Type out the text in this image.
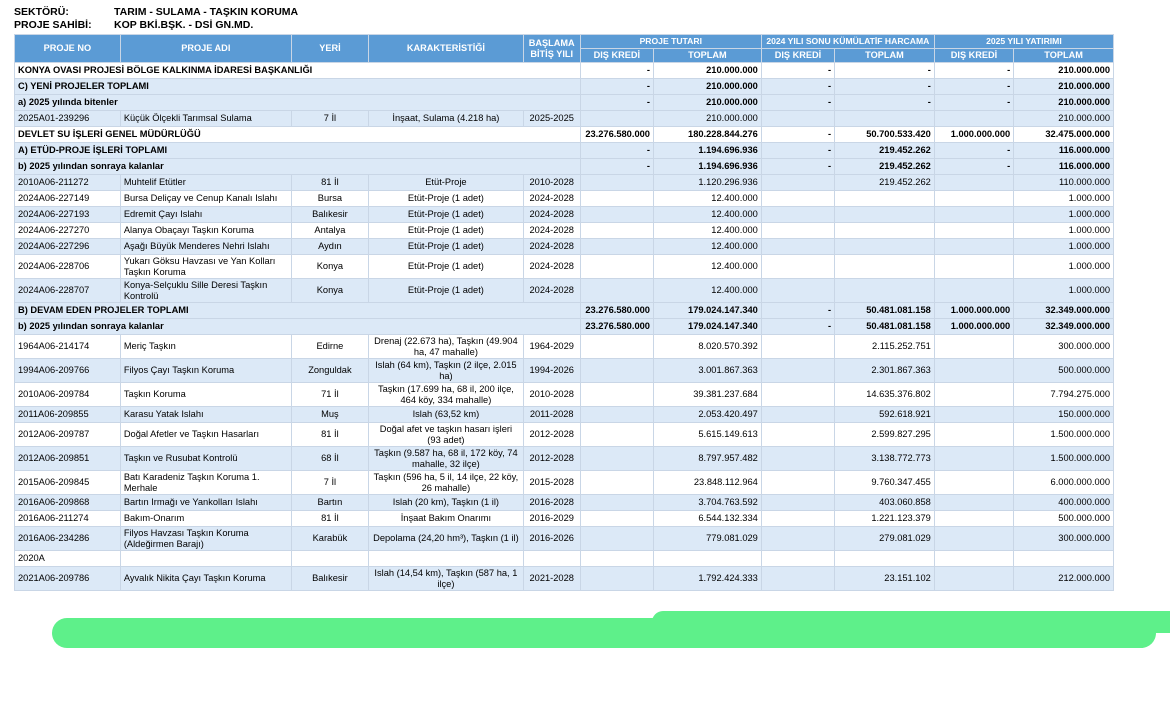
SEKTÖRÜ:	TARIM - SULAMA - TAŞKIN KORUMA
PROJE SAHİBİ:	KOP BKİ.BŞK. - DSİ GN.MD.
PROJE NO	PROJE ADI	YERİ	KARAKTERİSTİĞİ	BAŞLAMA BİTİŞ YILI	PROJE TUTARI		2024 YILI SONU KÜMÜLATİF HARCAMA		2025 YILI YATIRIMI	
					DIŞ KREDİ	TOPLAM	DIŞ KREDİ	TOPLAM	DIŞ KREDİ	TOPLAM
KONYA OVASI PROJESİ BÖLGE KALKINMA İDARESİ BAŞKANLIĞI					-	210.000.000	-	-	-	210.000.000
C) YENİ PROJELER TOPLAMI					-	210.000.000	-	-	-	210.000.000
a) 2025 yılında bitenler					-	210.000.000	-	-	-	210.000.000
2025A01-239296	Küçük Ölçekli Tarımsal Sulama	7 İl	İnşaat, Sulama (4.218 ha)	2025-2025		210.000.000				210.000.000
DEVLET SU İŞLERİ GENEL MÜDÜRLÜĞÜ					23.276.580.000	180.228.844.276	-	50.700.533.420	1.000.000.000	32.475.000.000
A) ETÜD-PROJE İŞLERİ TOPLAMI					-	1.194.696.936	-	219.452.262	-	116.000.000
b) 2025 yılından sonraya kalanlar					-	1.194.696.936	-	219.452.262	-	116.000.000
2010A06-211272	Muhtelif Etütler	81 İl	Etüt-Proje	2010-2028		1.120.296.936		219.452.262		110.000.000
2024A06-227149	Bursa Deliçay ve Cenup Kanalı Islahı	Bursa	Etüt-Proje (1 adet)	2024-2028		12.400.000				1.000.000
2024A06-227193	Edremit Çayı Islahı	Balıkesir	Etüt-Proje (1 adet)	2024-2028		12.400.000				1.000.000
2024A06-227270	Alanya Obaçayı Taşkın Koruma	Antalya	Etüt-Proje (1 adet)	2024-2028		12.400.000				1.000.000
2024A06-227296	Aşağı Büyük Menderes Nehri Islahı	Aydın	Etüt-Proje (1 adet)	2024-2028		12.400.000				1.000.000
2024A06-228706	Yukarı Göksu Havzası ve Yan Kolları Taşkın Koruma	Konya	Etüt-Proje (1 adet)	2024-2028		12.400.000				1.000.000
2024A06-228707	Konya-Selçuklu Sille Deresi Taşkın Kontrolü	Konya	Etüt-Proje (1 adet)	2024-2028		12.400.000				1.000.000
B) DEVAM EDEN PROJELER TOPLAMI					23.276.580.000	179.024.147.340	-	50.481.081.158	1.000.000.000	32.349.000.000
b) 2025 yılından sonraya kalanlar					23.276.580.000	179.024.147.340	-	50.481.081.158	1.000.000.000	32.349.000.000
1964A06-214174	Meriç Taşkın	Edirne	Drenaj (22.673 ha), Taşkın (49.904 ha, 47 mahalle)	1964-2029		8.020.570.392		2.115.252.751		300.000.000
1994A06-209766	Filyos Çayı Taşkın Koruma	Zonguldak	Islah (64 km), Taşkın (2 ilçe, 2.015 ha)	1994-2026		3.001.867.363		2.301.867.363		500.000.000
2010A06-209784	Taşkın Koruma	71 İl	Taşkın (17.699 ha, 68 il, 200 ilçe, 464 köy, 334 mahalle)	2010-2028		39.381.237.684		14.635.376.802		7.794.275.000
2011A06-209855	Karasu Yatak Islahı	Muş	Islah (63,52 km)	2011-2028		2.053.420.497		592.618.921		150.000.000
2012A06-209787	Doğal Afetler ve Taşkın Hasarları	81 İl	Doğal afet ve taşkın hasarı işleri (93 adet)	2012-2028		5.615.149.613		2.599.827.295		1.500.000.000
2012A06-209851	Taşkın ve Rusubat Kontrolü	68 İl	Taşkın (9.587 ha, 68 il, 172 köy, 74 mahalle, 32 ilçe)	2012-2028		8.797.957.482		3.138.772.773		1.500.000.000
2015A06-209845	Batı Karadeniz Taşkın Koruma 1. Merhale	7 İl	Taşkın (596 ha, 5 il, 14 ilçe, 22 köy, 26 mahalle)	2015-2028		23.848.112.964		9.760.347.455		6.000.000.000
2016A06-209868	Bartın Irmağı ve Yankolları Islahı	Bartın	Islah (20 km), Taşkın (1 il)	2016-2028		3.704.763.592		403.060.858		400.000.000
2016A06-211274	Bakım-Onarım	81 İl	İnşaat Bakım Onarımı	2016-2029		6.544.132.334		1.221.123.379		500.000.000
2016A06-234286	Filyos Havzası Taşkın Koruma (Aldeğirmen Barajı)	Karabük	Depolama (24,20 hm³), Taşkın (1 il)	2016-2026		779.081.029		279.081.029		300.000.000
2020A										
2021A06-209786	Ayvalık Nikita Çayı Taşkın Koruma	Balıkesir	Islah (14,54 km), Taşkın (587 ha, 1 ilçe)	2021-2028		1.792.424.333		23.151.102		212.000.000
